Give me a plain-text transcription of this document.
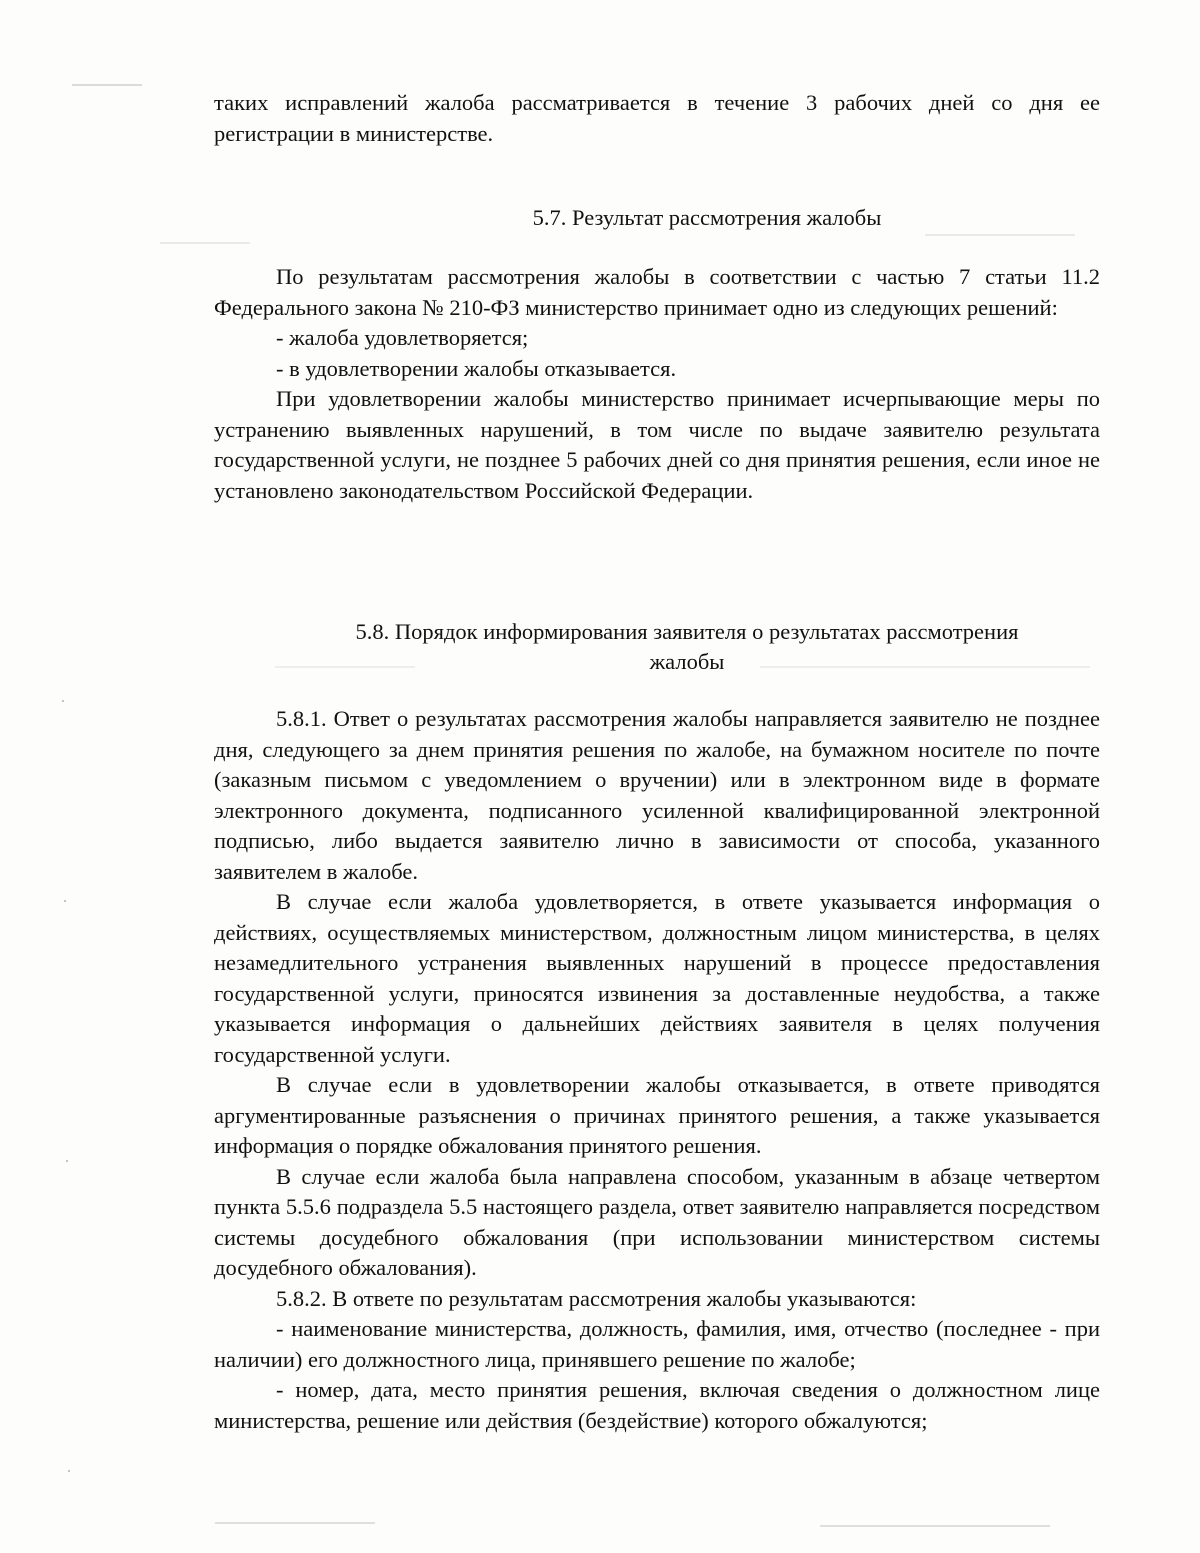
таких исправлений жалоба рассматривается в течение 3 рабочих дней со дня ее

регистрации в министерстве.

5.7. Результат рассмотрения жалобы

По результатам рассмотрения жалобы в соответствии с частью 7 статьи 11.2 Федерального закона № 210-ФЗ министерство принимает одно из следующих решений:

- жалоба удовлетворяется;

- в удовлетворении жалобы отказывается.

При удовлетворении жалобы министерство принимает исчерпывающие меры по устранению выявленных нарушений, в том числе по выдаче заявителю результата государственной услуги, не позднее 5 рабочих дней со дня принятия решения, если иное не установлено законодательством Российской Федерации.

5.8. Порядок информирования заявителя о результатах рассмотрения
жалобы

5.8.1. Ответ о результатах рассмотрения жалобы направляется заявителю не позднее дня, следующего за днем принятия решения по жалобе, на бумажном носителе по почте (заказным письмом с уведомлением о вручении) или в электронном виде в формате электронного документа, подписанного усиленной квалифицированной электронной подписью, либо выдается заявителю лично в зависимости от способа, указанного заявителем в жалобе.

В случае если жалоба удовлетворяется, в ответе указывается информация о действиях, осуществляемых министерством, должностным лицом министерства, в целях незамедлительного устранения выявленных нарушений в процессе предоставления государственной услуги, приносятся извинения за доставленные неудобства, а также указывается информация о дальнейших действиях заявителя в целях получения государственной услуги.

В случае если в удовлетворении жалобы отказывается, в ответе приводятся аргументированные разъяснения о причинах принятого решения, а также указывается информация о порядке обжалования принятого решения.

В случае если жалоба была направлена способом, указанным в абзаце четвертом пункта 5.5.6 подраздела 5.5 настоящего раздела, ответ заявителю направляется посредством системы досудебного обжалования (при использовании министерством системы досудебного обжалования).

5.8.2. В ответе по результатам рассмотрения жалобы указываются:

- наименование министерства, должность, фамилия, имя, отчество (последнее - при наличии) его должностного лица, принявшего решение по жалобе;

- номер, дата, место принятия решения, включая сведения о должностном лице министерства, решение или действия (бездействие) которого обжалуются;
